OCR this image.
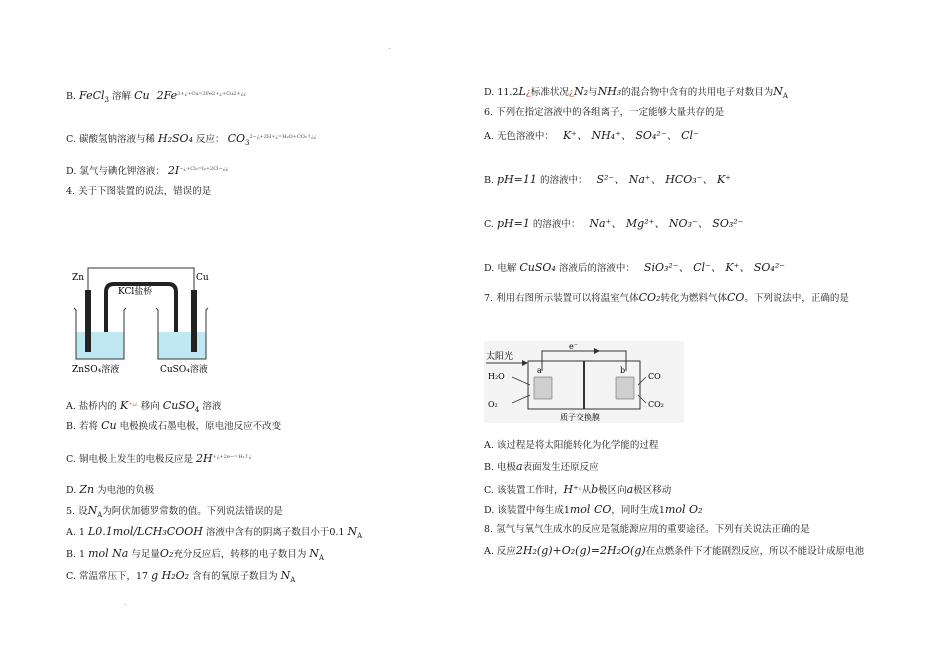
.
.
B. FeCl$_3$ 溶解 Cu $2Fe^{3+¿+Cu=2Fe2+¿+Cu2+¿¿}$
C. 碳酸氢钠溶液与稀 H₂SO₄ 反应： $CO_3^{2-¿+2H+¿=H_2O+CO_2↑¿¿}$
D. 氯气与碘化钾溶液： $2I^{-¿+Cl_2=I_2+2Cl-¿¿}$
4. 关于下图装置的说法，错误的是
Zn	Cu
KCl盐桥
ZnSO₄溶液	CuSO₄溶液
A. 盐桥内的 K+¿¿ 移向 CuSO$_4$ 溶液
B. 若将 Cu 电极换成石墨电极，原电池反应不改变
C. 铜电极上发生的电极反应是 $2H^{+¿+2e-=H_2↑¿}$
D. Zn 为电池的负极
5. 设$N_A$为阿伏加德罗常数的值。下列说法错误的是
A. 1 L0.1mol/LCH₃COOH 溶液中含有的阴离子数目小于0.1 $N_A$
B. 1 mol Na 与足量O₂充分反应后，转移的电子数目为 $N_A$
C. 常温常压下，17 g H₂O₂ 含有的氧原子数目为 $N_A$
D. 11.2L¿标准状况¿N₂与NH₃的混合物中含有的共用电子对数目为$N_A$
6. 下列在指定溶液中的各组离子，一定能够大量共存的是
A. 无色溶液中： K⁺、 NH₄⁺、 SO₄²⁻、 Cl⁻
B. pH=11 的溶液中： S²⁻、 Na⁺、 HCO₃⁻、 K⁺
C. pH=1 的溶液中： Na⁺、 Mg²⁺、 NO₃⁻、 SO₃²⁻
D. 电解 CuSO₄ 溶液后的溶液中： SiO₃²⁻、 Cl⁻、 K⁺、 SO₄²⁻
7. 利用右图所示装置可以将温室气体CO₂转化为燃料气体CO。下列说法中，正确的是
太阳光
e⁻
a	b
H₂O
O₂
CO
CO₂
质子交换膜
A. 该过程是将太阳能转化为化学能的过程
B. 电极a表面发生还原反应
C. 该装置工作时，H⁺¿从b极区向a极区移动
D. 该装置中每生成1mol CO，同时生成1mol O₂
8. 氢气与氧气生成水的反应是氢能源应用的重要途径。下列有关说法正确的是
A. 反应2H₂(g)+O₂(g)=2H₂O(g)在点燃条件下才能剧烈反应，所以不能设计成原电池
